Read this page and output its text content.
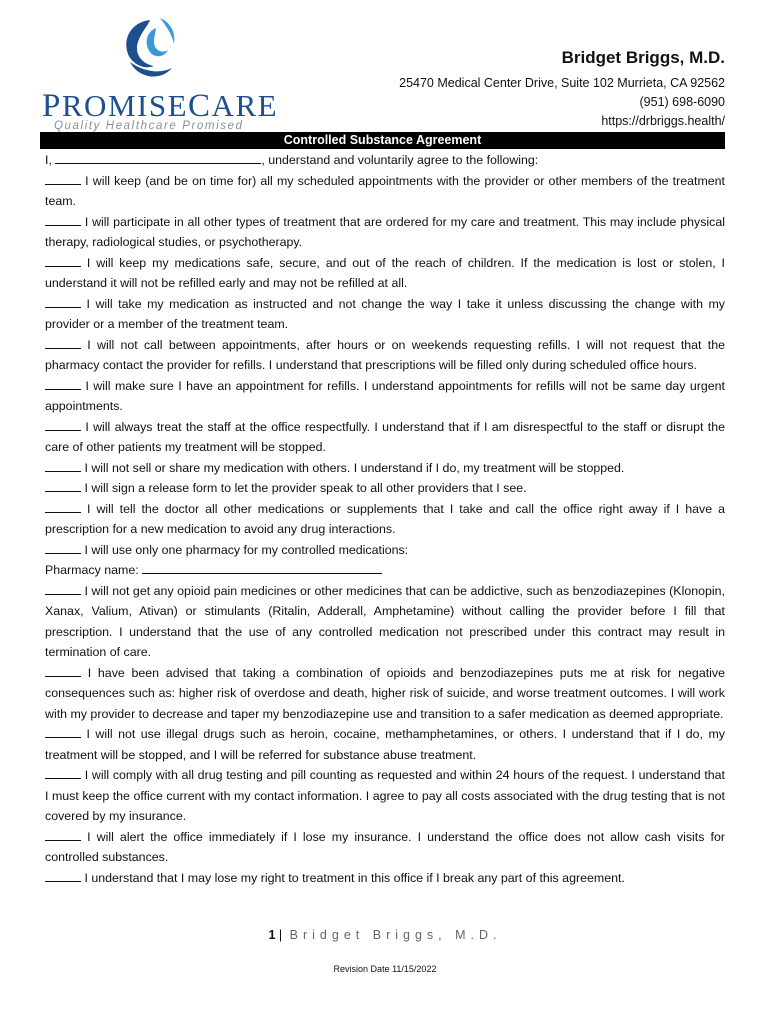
PROMISECARE
Quality Healthcare Promised
Bridget Briggs, M.D.
25470 Medical Center Drive, Suite 102 Murrieta, CA 92562
(951) 698-6090
https://drbriggs.health/
Controlled Substance Agreement

I,	, understand and voluntarily agree to the following:

I will keep (and be on time for) all my scheduled appointments with the provider or other members of the treatment team.

I will participate in all other types of treatment that are ordered for my care and treatment. This may include physical therapy, radiological studies, or psychotherapy.

I will keep my medications safe, secure, and out of the reach of children. If the medication is lost or stolen, I understand it will not be refilled early and may not be refilled at all.

I will take my medication as instructed and not change the way I take it unless discussing the change with my provider or a member of the treatment team.

I will not call between appointments, after hours or on weekends requesting refills. I will not request that the pharmacy contact the provider for refills. I understand that prescriptions will be filled only during scheduled office hours.

I will make sure I have an appointment for refills. I understand appointments for refills will not be same day urgent appointments.

I will always treat the staff at the office respectfully. I understand that if I am disrespectful to the staff or disrupt the care of other patients my treatment will be stopped.

I will not sell or share my medication with others. I understand if I do, my treatment will be stopped.

I will sign a release form to let the provider speak to all other providers that I see.

I will tell the doctor all other medications or supplements that I take and call the office right away if I have a prescription for a new medication to avoid any drug interactions.

I will use only one pharmacy for my controlled medications:

Pharmacy name:

I will not get any opioid pain medicines or other medicines that can be addictive, such as benzodiazepines (Klonopin, Xanax, Valium, Ativan) or stimulants (Ritalin, Adderall, Amphetamine) without calling the provider before I fill that prescription. I understand that the use of any controlled medication not prescribed under this contract may result in termination of care.

I have been advised that taking a combination of opioids and benzodiazepines puts me at risk for negative consequences such as: higher risk of overdose and death, higher risk of suicide, and worse treatment outcomes. I will work with my provider to decrease and taper my benzodiazepine use and transition to a safer medication as deemed appropriate.

I will not use illegal drugs such as heroin, cocaine, methamphetamines, or others. I understand that if I do, my treatment will be stopped, and I will be referred for substance abuse treatment.

I will comply with all drug testing and pill counting as requested and within 24 hours of the request. I understand that I must keep the office current with my contact information. I agree to pay all costs associated with the drug testing that is not covered by my insurance.

I will alert the office immediately if I lose my insurance. I understand the office does not allow cash visits for controlled substances.

I understand that I may lose my right to treatment in this office if I break any part of this agreement.

1 | Bridget Briggs, M.D.
Revision Date 11/15/2022
